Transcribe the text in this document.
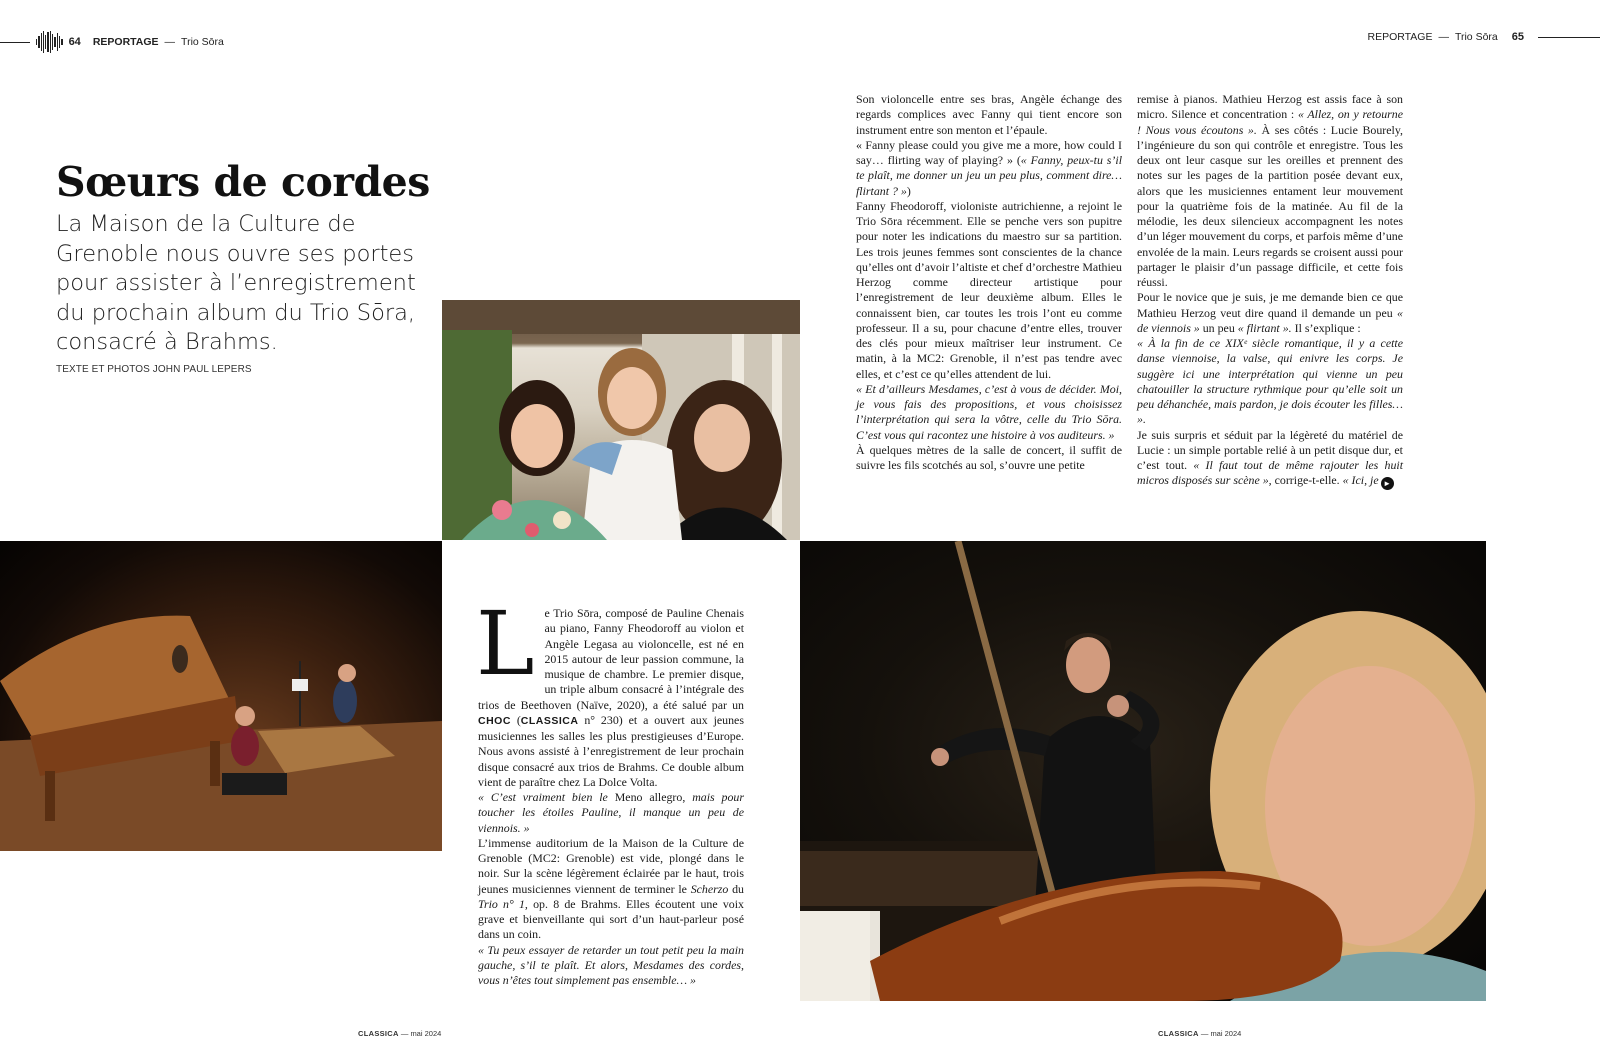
64 REPORTAGE — Trio Sōra	REPORTAGE — Trio Sōra 65
Sœurs de cordes

La Maison de la Culture de Grenoble nous ouvre ses portes pour assister à l’enregistrement du prochain album du Trio Sōra, consacré à Brahms.

TEXTE ET PHOTOS JOHN PAUL LEPERS

Son violoncelle entre ses bras, Angèle échange des regards complices avec Fanny qui tient encore son instrument entre son menton et l’épaule.

« Fanny please could you give me a more, how could I say… flirting way of playing? » (« Fanny, peux-tu s’il te plaît, me donner un jeu un peu plus, comment dire… flirtant ? »)

Fanny Fheodoroff, violoniste autrichienne, a rejoint le Trio Sōra récemment. Elle se penche vers son pupitre pour noter les indications du maestro sur sa partition. Les trois jeunes femmes sont conscientes de la chance qu’elles ont d’avoir l’altiste et chef d’orchestre Mathieu Herzog comme directeur artistique pour l’enregistrement de leur deuxième album. Elles le connaissent bien, car toutes les trois l’ont eu comme professeur. Il a su, pour chacune d’entre elles, trouver des clés pour mieux maîtriser leur instrument. Ce matin, à la MC2: Grenoble, il n’est pas tendre avec elles, et c’est ce qu’elles attendent de lui.

« Et d’ailleurs Mesdames, c’est à vous de décider. Moi, je vous fais des propositions, et vous choisissez l’interprétation qui sera la vôtre, celle du Trio Sōra. C’est vous qui racontez une histoire à vos auditeurs. »

À quelques mètres de la salle de concert, il suffit de suivre les fils scotchés au sol, s’ouvre une petite

remise à pianos. Mathieu Herzog est assis face à son micro. Silence et concentration : « Allez, on y retourne ! Nous vous écoutons ». À ses côtés : Lucie Bourely, l’ingénieure du son qui contrôle et enregistre. Tous les deux ont leur casque sur les oreilles et prennent des notes sur les pages de la partition posée devant eux, alors que les musiciennes entament leur mouvement pour la quatrième fois de la matinée. Au fil de la mélodie, les deux silencieux accompagnent les notes d’un léger mouvement du corps, et parfois même d’une envolée de la main. Leurs regards se croisent aussi pour partager le plaisir d’un passage difficile, et cette fois réussi.

Pour le novice que je suis, je me demande bien ce que Mathieu Herzog veut dire quand il demande un peu « de viennois » un peu « flirtant ». Il s’explique :

« À la fin de ce XIXᵉ siècle romantique, il y a cette danse viennoise, la valse, qui enivre les corps. Je suggère ici une interprétation qui vienne un peu chatouiller la structure rythmique pour qu’elle soit un peu déhanchée, mais pardon, je dois écouter les filles… ».

Je suis surpris et séduit par la légèreté du matériel de Lucie : un simple portable relié à un petit disque dur, et c’est tout. « Il faut tout de même rajouter les huit micros disposés sur scène », corrige-t-elle. « Ici, je ►

L e Trio Sōra, composé de Pauline Chenais au piano, Fanny Fheodoroff au violon et Angèle Legasa au violoncelle, est né en 2015 autour de leur passion commune, la musique de chambre. Le premier disque, un triple album consacré à l’intégrale des trios de Beethoven (Naïve, 2020), a été salué par un CHOC (CLASSICA n° 230) et a ouvert aux jeunes musiciennes les salles les plus prestigieuses d’Europe. Nous avons assisté à l’enregistrement de leur prochain disque consacré aux trios de Brahms. Ce double album vient de paraître chez La Dolce Volta.

« C’est vraiment bien le Meno allegro, mais pour toucher les étoiles Pauline, il manque un peu de viennois. »

L’immense auditorium de la Maison de la Culture de Grenoble (MC2: Grenoble) est vide, plongé dans le noir. Sur la scène légèrement éclairée par le haut, trois jeunes musiciennes viennent de terminer le Scherzo du Trio n° 1, op. 8 de Brahms. Elles écoutent une voix grave et bienveillante qui sort d’un haut-parleur posé dans un coin.

« Tu peux essayer de retarder un tout petit peu la main gauche, s’il te plaît. Et alors, Mesdames des cordes, vous n’êtes tout simplement pas ensemble… »

CLASSICA — mai 2024	CLASSICA — mai 2024
